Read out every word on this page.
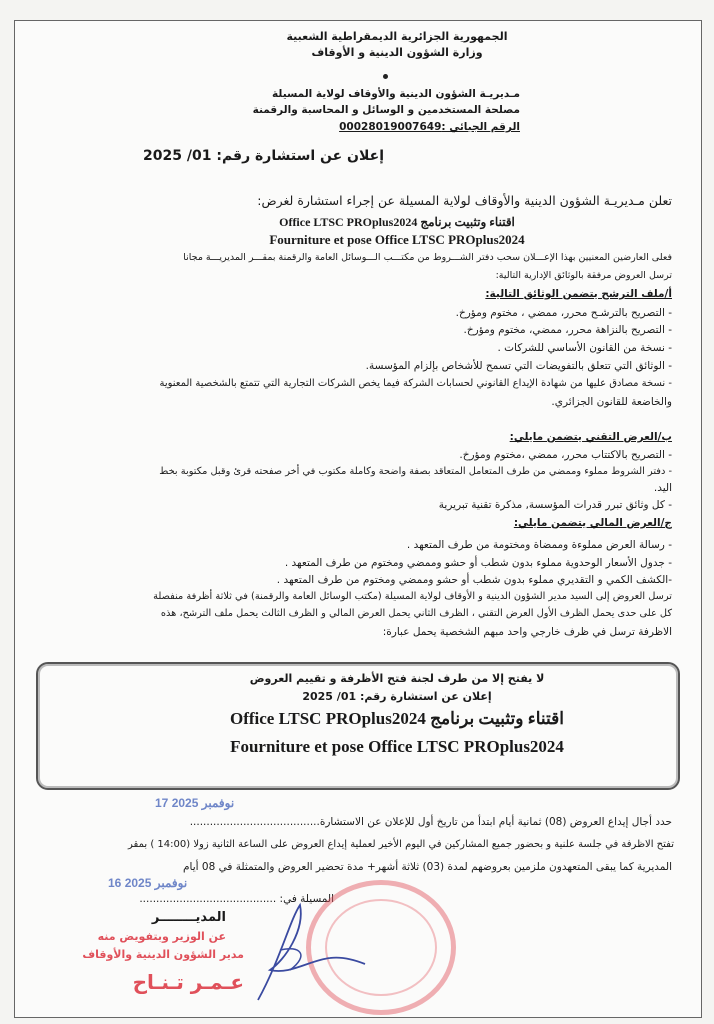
الجمهورية الجزائرية الديمقراطية الشعبية
وزارة الشؤون الدينية و الأوقاف
مـديريـة الشؤون الدينية والأوقاف لولاية المسيلة
مصلحة المستخدمين و الوسائل و المحاسبة والرقمنة
الرقم الجبائي :00028019007649
إعلان عن استشارة رقم: 01/ 2025
تعلن مـديريـة الشؤون الدينية والأوقاف لولاية المسيلة عن إجراء استشارة لغرض:
اقتناء وتثبيت برنامج Office LTSC PROplus2024
Fourniture et pose Office LTSC PROplus2024
فعلى العارضين المعنيين بهذا الإعـــلان سحب دفتر الشـــروط من مكتـــب الـــوسائل العامة والرقمنة بمقـــر المديريـــة مجانا
ترسل العروض مرفقة بالوثائق الإدارية التالية:
أ/ملف الترشح يتضمن الوثائق التالية:
- التصريح بالترشـح محرر، ممضي ، مختوم ومؤرخ.
- التصريح بالنزاهة محرر، ممضي، مختوم ومؤرخ.
- نسخة من القانون الأساسي للشركات .
- الوثائق التي تتعلق بالتفويضات التي تسمح للأشخاص بإلزام المؤسسة.
- نسخة مصادق عليها من شهادة الإيداع القانوني لحسابات الشركة فيما يخص الشركات التجارية التي تتمتع بالشخصية المعنوية
والخاضعة للقانون الجزائري.
ب/العرض التقني يتضمن مايلي:
- التصريح بالاكتتاب محرر، ممضي ،مختوم ومؤرخ.
- دفتر الشروط مملوء وممضي من طرف المتعامل المتعاقد بصفة واضحة وكاملة مكتوب في أخر صفحته قرئ وقبل مكتوبة بخط
اليد.
- كل وثائق تبرر قدرات المؤسسة, مذكرة تقنية تبريرية
ج/العرض المالي يتضمن مايلي:
- رسالة العرض مملوءة وممضاة ومختومة من طرف المتعهد .
- جدول الأسعار الوحدوية مملوء بدون شطب أو حشو وممضي ومختوم من طرف المتعهد .
-الكشف الكمي و التقديري مملوء بدون شطب أو حشو وممضي ومختوم من طرف المتعهد .
ترسل العروض إلى السيد مدير الشؤون الدينية و الأوقاف لولاية المسيلة (مكتب الوسائل العامة والرقمنة) في ثلاثة أظرفة منفصلة
كل على حدى يحمل الظرف الأول العرض التقني ، الظرف الثاني يحمل العرض المالي و الظرف الثالث يحمل ملف الترشح، هذه
الاظرفة ترسل في ظرف خارجي واحد مبهم الشخصية يحمل عبارة:
لا يفتح إلا من طرف لجنة فتح الأظرفة و تقييم العروض
إعلان عن استشارة رقم: 01/ 2025
اقتناء وتثبيت برنامج Office LTSC PROplus2024
Fourniture et pose Office LTSC PROplus2024
17 نوفمبر 2025
حدد أجال إيداع العروض (08) ثمانية أيام ابتدأ من تاريخ أول للإعلان عن الاستشارة.......................................
تفتح الاظرفة في جلسة علنية و بحضور جميع المشاركين في اليوم الأخير لعملية إيداع العروض على الساعة الثانية زولا (14:00 ) بمقر
المديرية كما يبقى المتعهدون ملزمين بعروضهم لمدة (03) ثلاثة أشهر+ مدة تحضير العروض والمتمثلة في 08 أيام
16 نوفمبر 2025
المسيلة في: .........................................
المديــــــــر
عن الوزير وبتفويض منه
مدير الشؤون الدينية والأوقاف
عـمـر تـنـاح
